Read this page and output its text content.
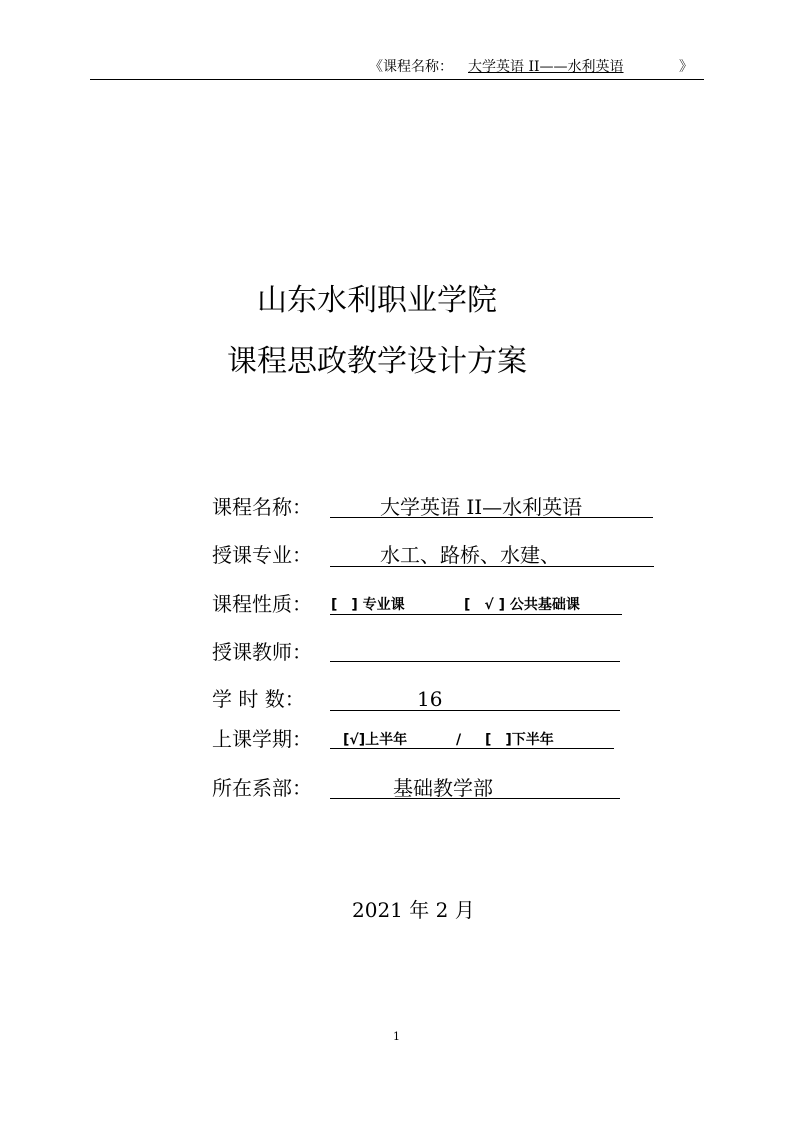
《课程名称： 大学英语 II——水利英语	》
山东水利职业学院
课程思政教学设计方案
课程名称：	大学英语 II—水利英语
授课专业：	水工、路桥、水建、
课程性质： [　] 专业课	[　√ ] 公共基础课
授课教师：
学 时 数：	16
上课学期： [√]上半年	/ [　]下半年
所在系部：	基础教学部
2021 年 2 月
1
